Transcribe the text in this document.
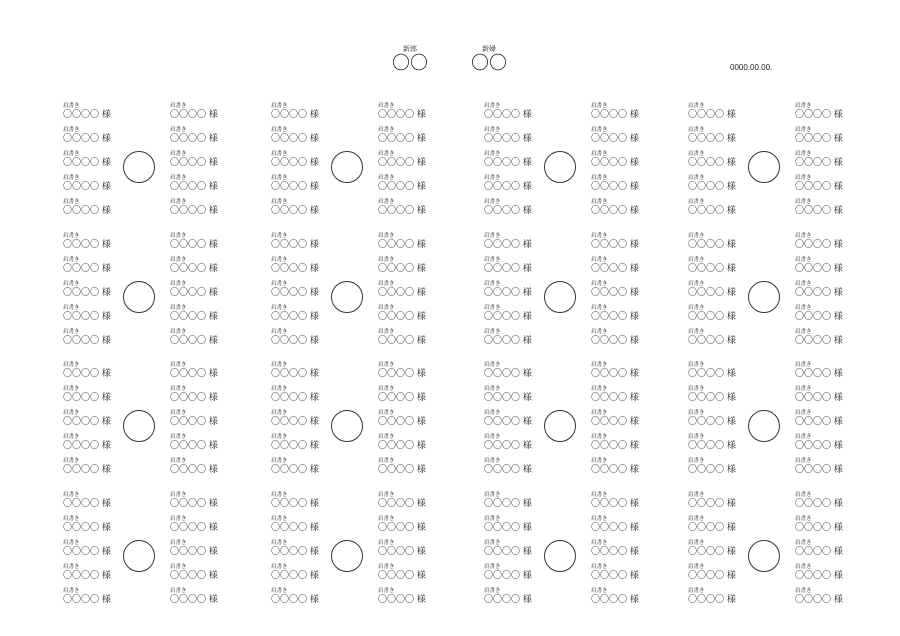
新郎
〇〇
新婦
〇〇	0000.00.00.
肩書き
〇〇〇〇 様
肩書き
〇〇〇〇 様
肩書き
〇〇〇〇 様
肩書き
〇〇〇〇 様
肩書き
〇〇〇〇 様
肩書き
〇〇〇〇 様
肩書き
〇〇〇〇 様
肩書き
〇〇〇〇 様
肩書き
〇〇〇〇 様
肩書き
〇〇〇〇 様
肩書き
〇〇〇〇 様
肩書き
〇〇〇〇 様
肩書き
〇〇〇〇 様
肩書き
〇〇〇〇 様
肩書き
〇〇〇〇 様
肩書き
〇〇〇〇 様
肩書き
〇〇〇〇 様
肩書き
〇〇〇〇 様
肩書き
〇〇〇〇 様
肩書き
〇〇〇〇 様
肩書き
〇〇〇〇 様
肩書き
〇〇〇〇 様
肩書き
〇〇〇〇 様
肩書き
〇〇〇〇 様
肩書き
〇〇〇〇 様
肩書き
〇〇〇〇 様
肩書き
〇〇〇〇 様
肩書き
〇〇〇〇 様
肩書き
〇〇〇〇 様
肩書き
〇〇〇〇 様
肩書き
〇〇〇〇 様
肩書き
〇〇〇〇 様
肩書き
〇〇〇〇 様
肩書き
〇〇〇〇 様
肩書き
〇〇〇〇 様
肩書き
〇〇〇〇 様
肩書き
〇〇〇〇 様
肩書き
〇〇〇〇 様
肩書き
〇〇〇〇 様
肩書き
〇〇〇〇 様
肩書き
〇〇〇〇 様
肩書き
〇〇〇〇 様
肩書き
〇〇〇〇 様
肩書き
〇〇〇〇 様
肩書き
〇〇〇〇 様
肩書き
〇〇〇〇 様
肩書き
〇〇〇〇 様
肩書き
〇〇〇〇 様
肩書き
〇〇〇〇 様
肩書き
〇〇〇〇 様
肩書き
〇〇〇〇 様
肩書き
〇〇〇〇 様
肩書き
〇〇〇〇 様
肩書き
〇〇〇〇 様
肩書き
〇〇〇〇 様
肩書き
〇〇〇〇 様
肩書き
〇〇〇〇 様
肩書き
〇〇〇〇 様
肩書き
〇〇〇〇 様
肩書き
〇〇〇〇 様
肩書き
〇〇〇〇 様
肩書き
〇〇〇〇 様
肩書き
〇〇〇〇 様
肩書き
〇〇〇〇 様
肩書き
〇〇〇〇 様
肩書き
〇〇〇〇 様
肩書き
〇〇〇〇 様
肩書き
〇〇〇〇 様
肩書き
〇〇〇〇 様
肩書き
〇〇〇〇 様
肩書き
〇〇〇〇 様
肩書き
〇〇〇〇 様
肩書き
〇〇〇〇 様
肩書き
〇〇〇〇 様
肩書き
〇〇〇〇 様
肩書き
〇〇〇〇 様
肩書き
〇〇〇〇 様
肩書き
〇〇〇〇 様
肩書き
〇〇〇〇 様
肩書き
〇〇〇〇 様
肩書き
〇〇〇〇 様
肩書き
〇〇〇〇 様
肩書き
〇〇〇〇 様
肩書き
〇〇〇〇 様
肩書き
〇〇〇〇 様
肩書き
〇〇〇〇 様
肩書き
〇〇〇〇 様
肩書き
〇〇〇〇 様
肩書き
〇〇〇〇 様
肩書き
〇〇〇〇 様
肩書き
〇〇〇〇 様
肩書き
〇〇〇〇 様
肩書き
〇〇〇〇 様
肩書き
〇〇〇〇 様
肩書き
〇〇〇〇 様
肩書き
〇〇〇〇 様
肩書き
〇〇〇〇 様
肩書き
〇〇〇〇 様
肩書き
〇〇〇〇 様
肩書き
〇〇〇〇 様
肩書き
〇〇〇〇 様
肩書き
〇〇〇〇 様
肩書き
〇〇〇〇 様
肩書き
〇〇〇〇 様
肩書き
〇〇〇〇 様
肩書き
〇〇〇〇 様
肩書き
〇〇〇〇 様
肩書き
〇〇〇〇 様
肩書き
〇〇〇〇 様
肩書き
〇〇〇〇 様
肩書き
〇〇〇〇 様
肩書き
〇〇〇〇 様
肩書き
〇〇〇〇 様
肩書き
〇〇〇〇 様
肩書き
〇〇〇〇 様
肩書き
〇〇〇〇 様
肩書き
〇〇〇〇 様
肩書き
〇〇〇〇 様
肩書き
〇〇〇〇 様
肩書き
〇〇〇〇 様
肩書き
〇〇〇〇 様
肩書き
〇〇〇〇 様
肩書き
〇〇〇〇 様
肩書き
〇〇〇〇 様
肩書き
〇〇〇〇 様
肩書き
〇〇〇〇 様
肩書き
〇〇〇〇 様
肩書き
〇〇〇〇 様
肩書き
〇〇〇〇 様
肩書き
〇〇〇〇 様
肩書き
〇〇〇〇 様
肩書き
〇〇〇〇 様
肩書き
〇〇〇〇 様
肩書き
〇〇〇〇 様
肩書き
〇〇〇〇 様
肩書き
〇〇〇〇 様
肩書き
〇〇〇〇 様
肩書き
〇〇〇〇 様
肩書き
〇〇〇〇 様
肩書き
〇〇〇〇 様
肩書き
〇〇〇〇 様
肩書き
〇〇〇〇 様
肩書き
〇〇〇〇 様
肩書き
〇〇〇〇 様
肩書き
〇〇〇〇 様
肩書き
〇〇〇〇 様
肩書き
〇〇〇〇 様
肩書き
〇〇〇〇 様
肩書き
〇〇〇〇 様
肩書き
〇〇〇〇 様
肩書き
〇〇〇〇 様
肩書き
〇〇〇〇 様
肩書き
〇〇〇〇 様
肩書き
〇〇〇〇 様
肩書き
〇〇〇〇 様
肩書き
〇〇〇〇 様
肩書き
〇〇〇〇 様
肩書き
〇〇〇〇 様
肩書き
〇〇〇〇 様
肩書き
〇〇〇〇 様
